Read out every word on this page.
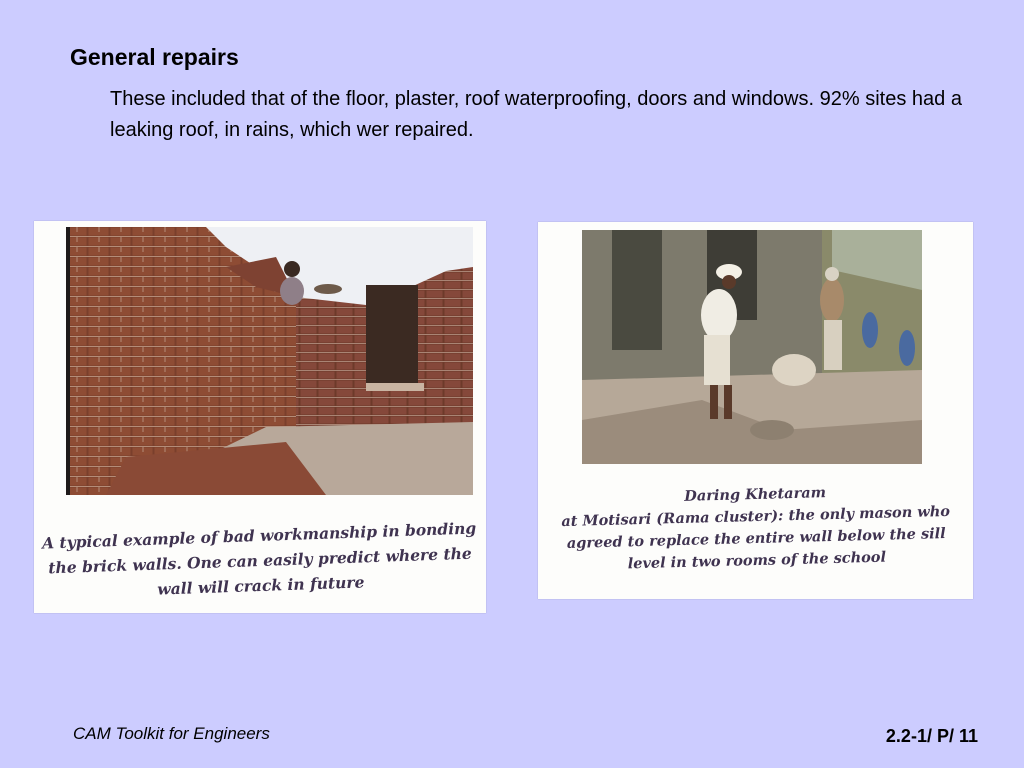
General repairs
These included that of the floor, plaster, roof waterproofing, doors and windows. 92% sites had a leaking roof, in rains, which wer repaired.
A typical example of bad workmanship in bonding
the brick walls. One can easily predict where the
wall will crack in future
Daring Khetaram
at Motisari (Rama cluster): the only mason who
agreed to replace the entire wall below the sill
level in two rooms of the school
CAM Toolkit for Engineers	2.2-1/ P/ 11
